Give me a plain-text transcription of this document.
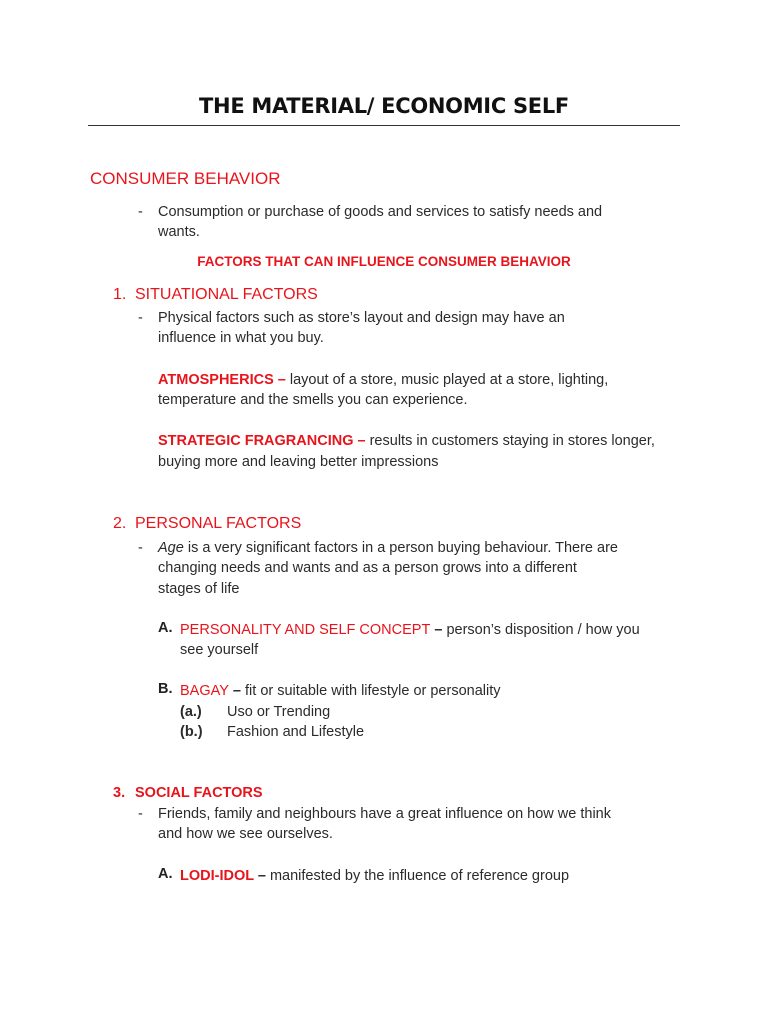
THE MATERIAL/ ECONOMIC SELF
CONSUMER BEHAVIOR
- Consumption or purchase of goods and services to satisfy needs and
wants.
FACTORS THAT CAN INFLUENCE CONSUMER BEHAVIOR
1. SITUATIONAL FACTORS
- Physical factors such as store’s layout and design may have an
influence in what you buy.
ATMOSPHERICS – layout of a store, music played at a store, lighting,
temperature and the smells you can experience.
STRATEGIC FRAGRANCING – results in customers staying in stores longer,
buying more and leaving better impressions
2. PERSONAL FACTORS
- Age is a very significant factors in a person buying behaviour. There are
changing needs and wants and as a person grows into a different
stages of life
A. PERSONALITY AND SELF CONCEPT – person’s disposition / how you
see yourself
B. BAGAY – fit or suitable with lifestyle or personality
(a.) Uso or Trending
(b.) Fashion and Lifestyle
3. SOCIAL FACTORS
- Friends, family and neighbours have a great influence on how we think
and how we see ourselves.
A. LODI-IDOL – manifested by the influence of reference group
